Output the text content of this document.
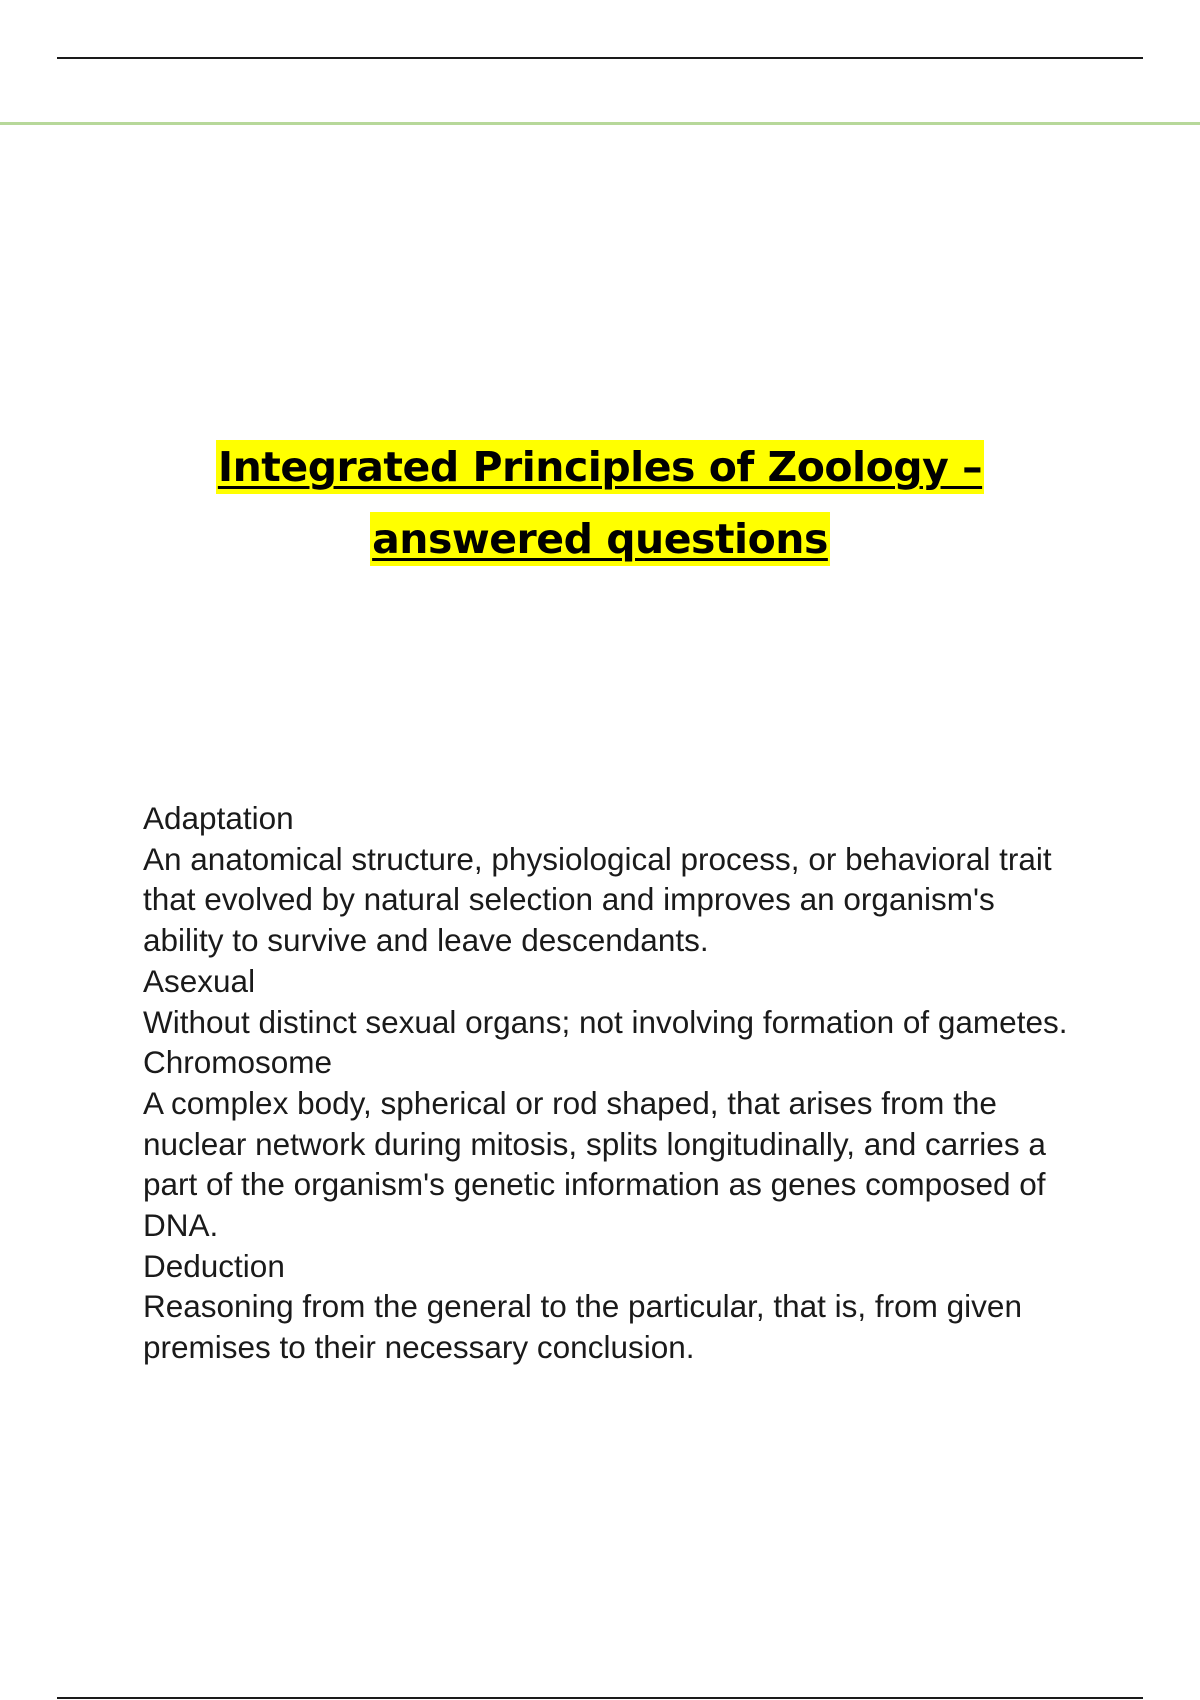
Integrated Principles of Zoology –
answered questions
Adaptation
An anatomical structure, physiological process, or behavioral trait that evolved by natural selection and improves an organism's ability to survive and leave descendants.
Asexual
Without distinct sexual organs; not involving formation of gametes.
Chromosome
A complex body, spherical or rod shaped, that arises from the nuclear network during mitosis, splits longitudinally, and carries a part of the organism's genetic information as genes composed of DNA.
Deduction
Reasoning from the general to the particular, that is, from given premises to their necessary conclusion.
